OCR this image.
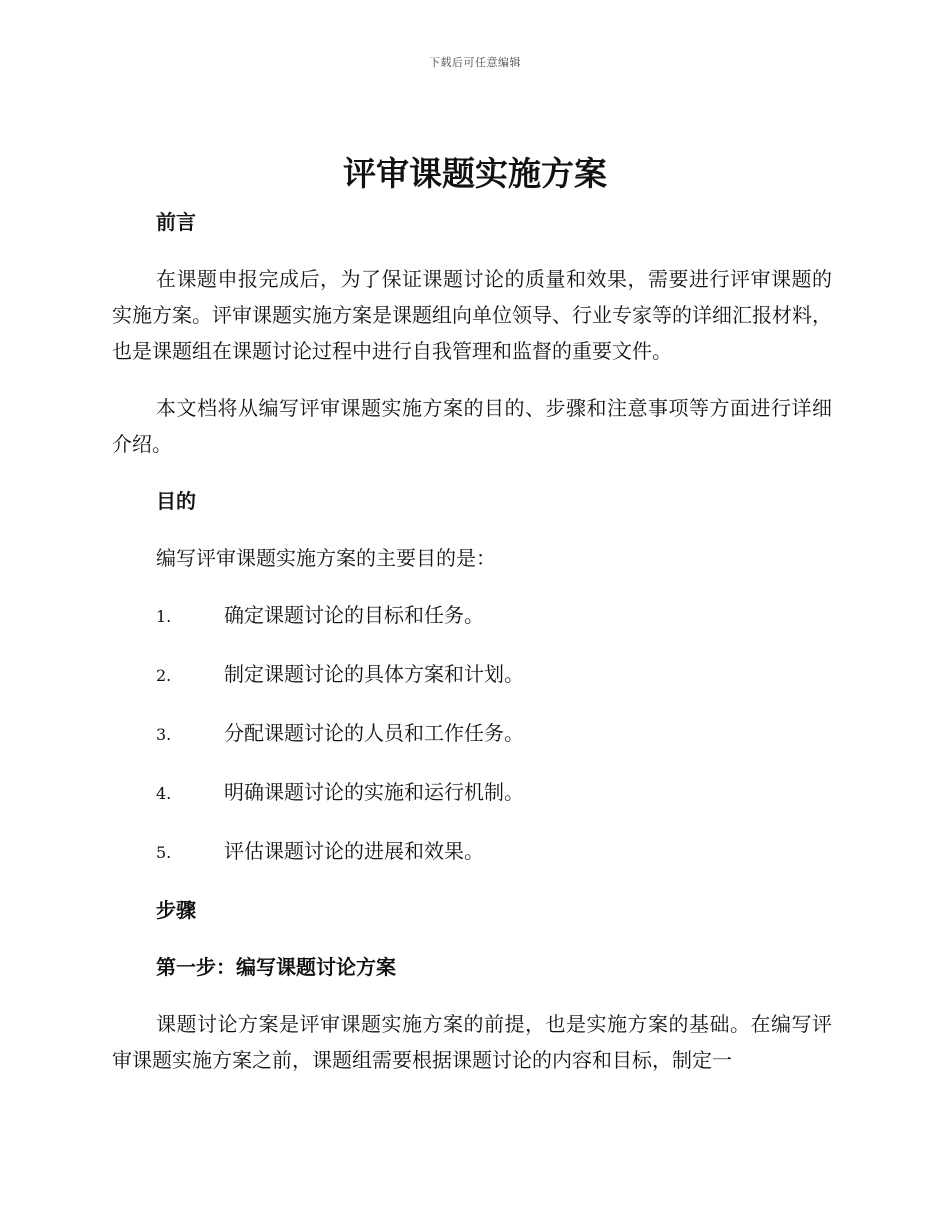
下载后可任意编辑
评审课题实施方案
前言

在课题申报完成后，为了保证课题讨论的质量和效果，需要进行评审课题的实施方案。评审课题实施方案是课题组向单位领导、行业专家等的详细汇报材料，也是课题组在课题讨论过程中进行自我管理和监督的重要文件。

本文档将从编写评审课题实施方案的目的、步骤和注意事项等方面进行详细介绍。

目的

编写评审课题实施方案的主要目的是：

1.	确定课题讨论的目标和任务。
2.	制定课题讨论的具体方案和计划。
3.	分配课题讨论的人员和工作任务。
4.	明确课题讨论的实施和运行机制。
5.	评估课题讨论的进展和效果。
步骤
第一步：编写课题讨论方案

课题讨论方案是评审课题实施方案的前提，也是实施方案的基础。在编写评审课题实施方案之前，课题组需要根据课题讨论的内容和目标，制定一
